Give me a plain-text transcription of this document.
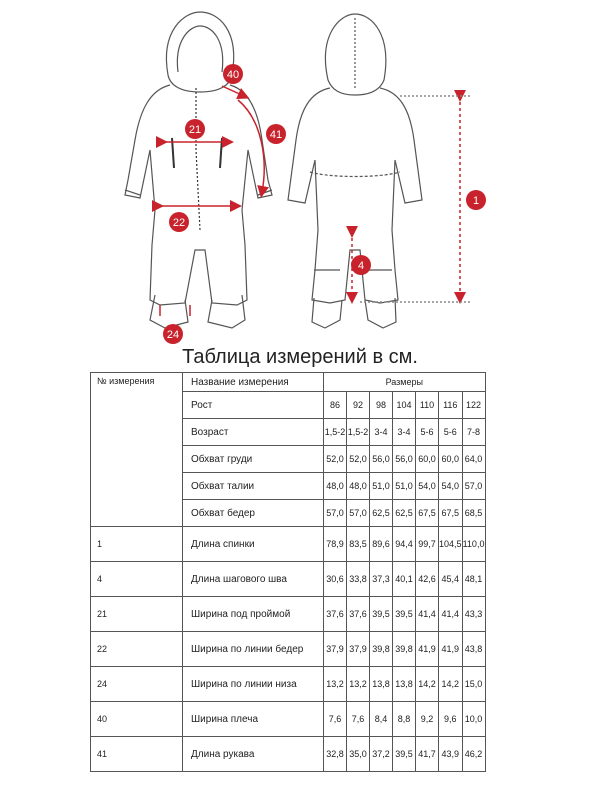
40
21	41
22
24
1
4
Таблица измерений в см.
№ измерения	Название измерения	Размеры						
	Рост	86	92	98	104	110	116	122
	Возраст	1,5-2	1,5-2	3-4	3-4	5-6	5-6	7-8
	Обхват груди	52,0	52,0	56,0	56,0	60,0	60,0	64,0
	Обхват талии	48,0	48,0	51,0	51,0	54,0	54,0	57,0
	Обхват бедер	57,0	57,0	62,5	62,5	67,5	67,5	68,5
1	Длина спинки	78,9	83,5	89,6	94,4	99,7	104,5	110,0
4	Длина шагового шва	30,6	33,8	37,3	40,1	42,6	45,4	48,1
21	Ширина под проймой	37,6	37,6	39,5	39,5	41,4	41,4	43,3
22	Ширина по линии бедер	37,9	37,9	39,8	39,8	41,9	41,9	43,8
24	Ширина по линии низа	13,2	13,2	13,8	13,8	14,2	14,2	15,0
40	Ширина плеча	7,6	7,6	8,4	8,8	9,2	9,6	10,0
41	Длина рукава	32,8	35,0	37,2	39,5	41,7	43,9	46,2
